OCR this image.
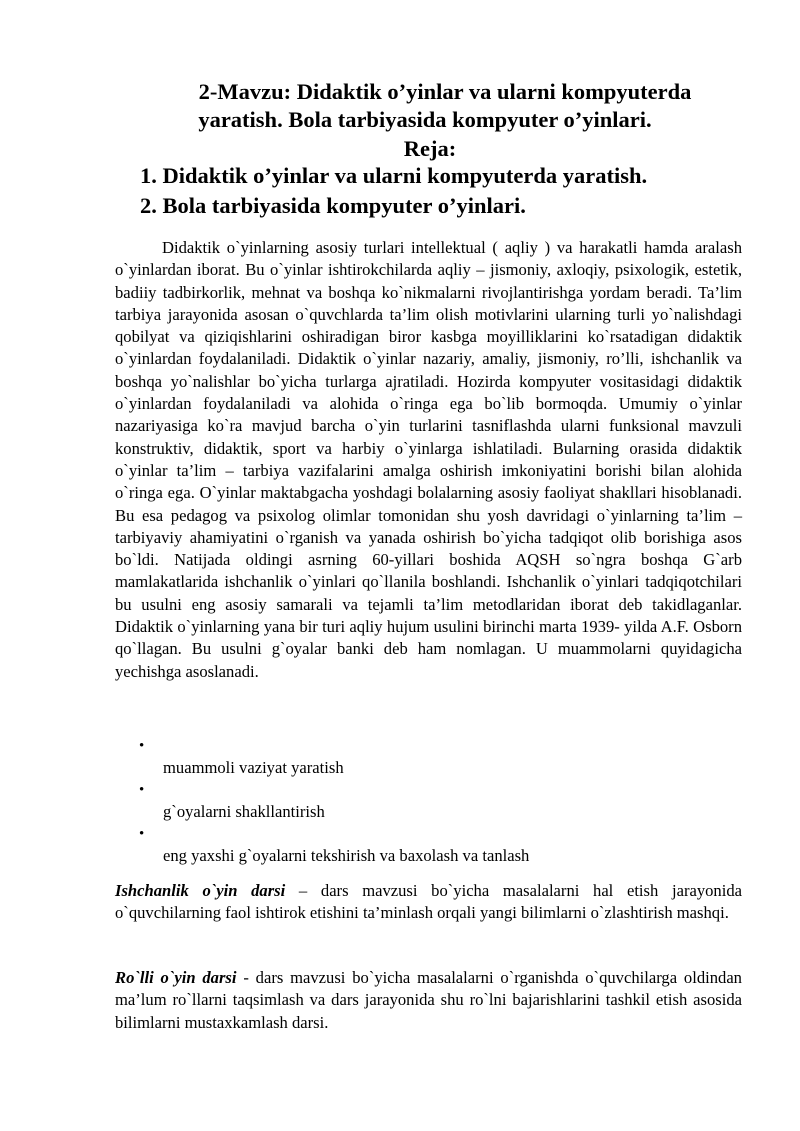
2-Mavzu: Didaktik o’yinlar va ularni kompyuterda
yaratish. Bola tarbiyasida kompyuter o’yinlari.
Reja:
1. Didaktik o’yinlar va ularni kompyuterda yaratish.
2. Bola tarbiyasida kompyuter o’yinlari.

Didaktik o`yinlarning asosiy turlari intellektual ( aqliy ) va harakatli hamda aralash o`yinlardan iborat. Bu o`yinlar ishtirokchilarda aqliy – jismoniy, axloqiy, psixologik, estetik, badiiy tadbirkorlik, mehnat va boshqa ko`nikmalarni rivojlantirishga yordam beradi. Ta’lim tarbiya jarayonida asosan o`quvchlarda ta’lim olish motivlarini ularning turli yo`nalishdagi qobilyat va qiziqishlarini oshiradigan biror kasbga moyilliklarini ko`rsatadigan didaktik o`yinlardan foydalaniladi. Didaktik o`yinlar nazariy, amaliy, jismoniy, ro’lli, ishchanlik va boshqa yo`nalishlar bo`yicha turlarga ajratiladi. Hozirda kompyuter vositasidagi didaktik o`yinlardan foydalaniladi va alohida o`ringa ega bo`lib bormoqda. Umumiy o`yinlar nazariyasiga ko`ra mavjud barcha o`yin turlarini tasniflashda ularni funksional mavzuli konstruktiv, didaktik, sport va harbiy o`yinlarga ishlatiladi. Bularning orasida didaktik o`yinlar ta’lim – tarbiya vazifalarini amalga oshirish imkoniyatini borishi bilan alohida o`ringa ega. O`yinlar maktabgacha yoshdagi bolalarning asosiy faoliyat shakllari hisoblanadi. Bu esa pedagog va psixolog olimlar tomonidan shu yosh davridagi o`yinlarning ta’lim – tarbiyaviy ahamiyatini o`rganish va yanada oshirish bo`yicha tadqiqot olib borishiga asos bo`ldi. Natijada oldingi asrning 60-yillari boshida AQSH so`ngra boshqa G`arb mamlakatlarida ishchanlik o`yinlari qo`llanila boshlandi. Ishchanlik o`yinlari tadqiqotchilari bu usulni eng asosiy samarali va tejamli ta’lim metodlaridan iborat deb takidlaganlar. Didaktik o`yinlarning yana bir turi aqliy hujum usulini birinchi marta 1939- yilda A.F. Osborn qo`llagan. Bu usulni g`oyalar banki deb ham nomlagan. U muammolarni quyidagicha yechishga asoslanadi.

•
muammoli vaziyat yaratish
•
g`oyalarni shakllantirish
•
eng yaxshi g`oyalarni tekshirish va baxolash va tanlash
Ishchanlik o`yin darsi – dars mavzusi bo`yicha masalalarni hal etish jarayonida o`quvchilarning faol ishtirok etishini ta’minlash orqali yangi bilimlarni o`zlashtirish mashqi.
Ro`lli o`yin darsi - dars mavzusi bo`yicha masalalarni o`rganishda o`quvchilarga oldindan ma’lum ro`llarni taqsimlash va dars jarayonida shu ro`lni bajarishlarini tashkil etish asosida bilimlarni mustaxkamlash darsi.
